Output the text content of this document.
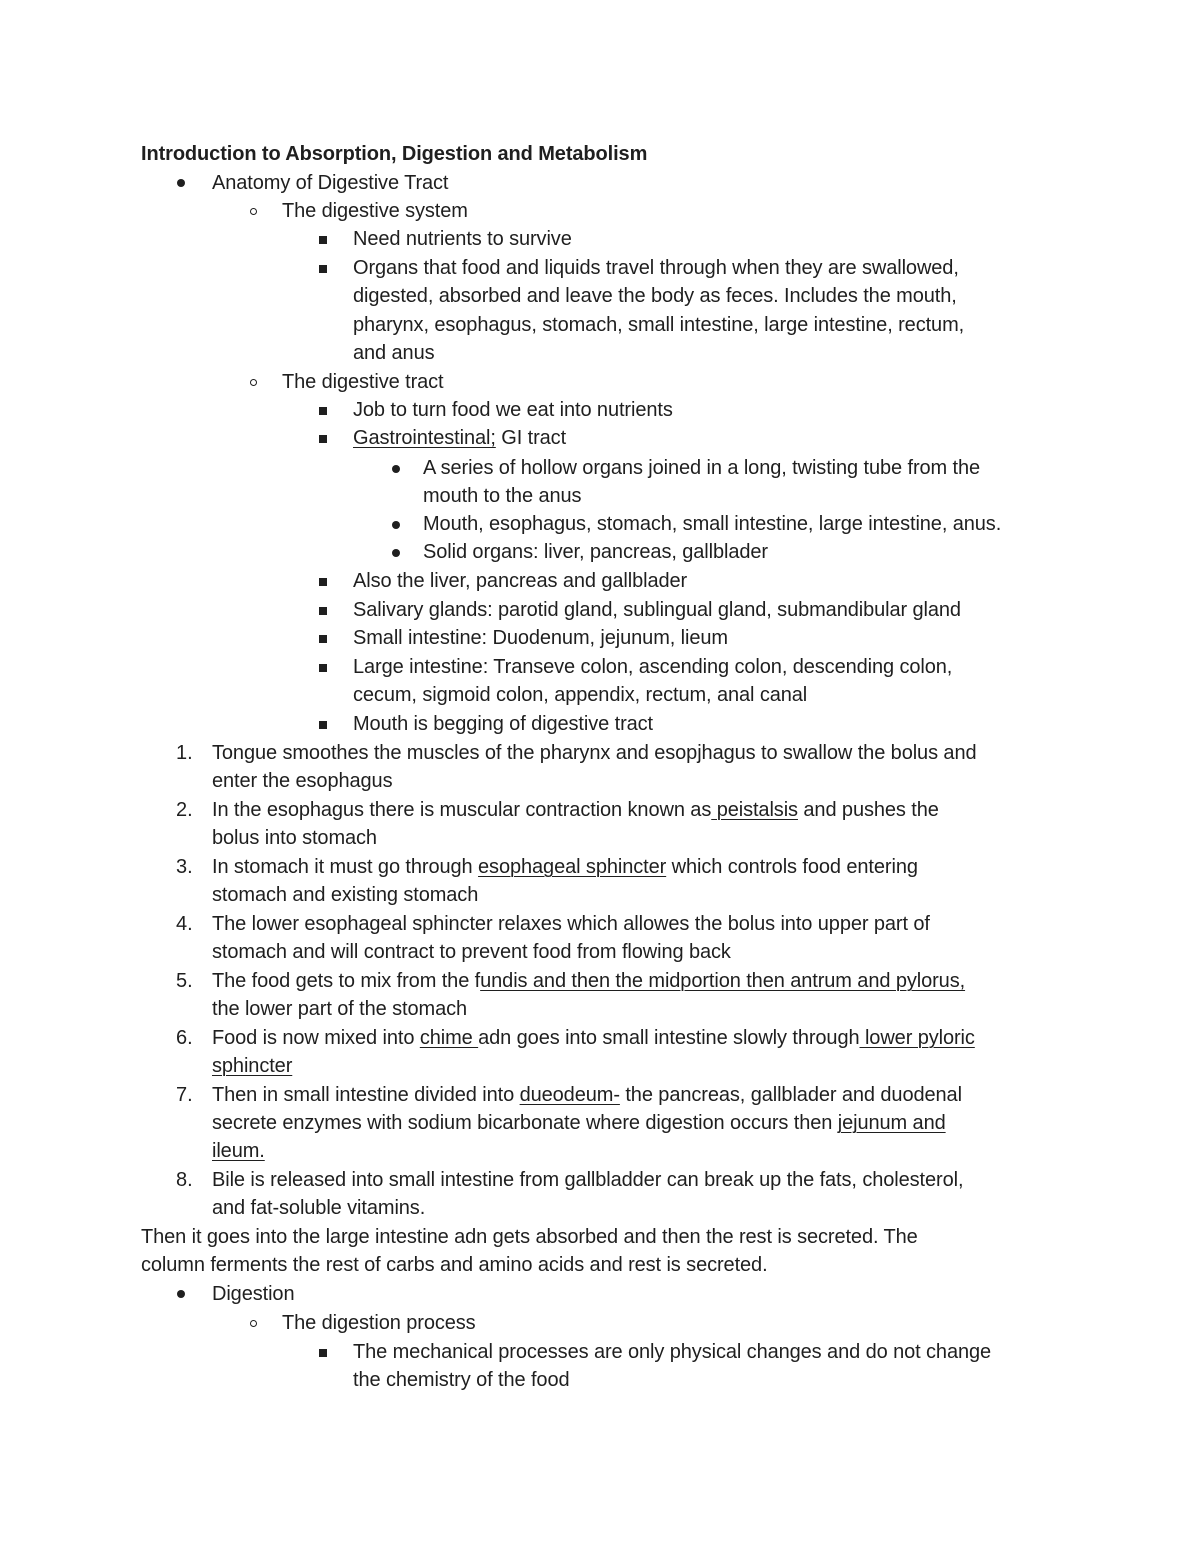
Introduction to Absorption, Digestion and Metabolism
Anatomy of Digestive Tract
The digestive system
Need nutrients to survive
Organs that food and liquids travel through when they are swallowed,
digested, absorbed and leave the body as feces. Includes the mouth,
pharynx, esophagus, stomach, small intestine, large intestine, rectum,
and anus
The digestive tract
Job to turn food we eat into nutrients
Gastrointestinal; GI tract
A series of hollow organs joined in a long, twisting tube from the
mouth to the anus
Mouth, esophagus, stomach, small intestine, large intestine, anus.
Solid organs: liver, pancreas, gallblader
Also the liver, pancreas and gallblader
Salivary glands: parotid gland, sublingual gland, submandibular gland
Small intestine: Duodenum, jejunum, lieum
Large intestine: Transeve colon, ascending colon, descending colon,
cecum, sigmoid colon, appendix, rectum, anal canal
Mouth is begging of digestive tract
1. Tongue smoothes the muscles of the pharynx and esopjhagus to swallow the bolus and
enter the esophagus
2. In the esophagus there is muscular contraction known as peistalsis and pushes the
bolus into stomach
3. In stomach it must go through esophageal sphincter which controls food entering
stomach and existing stomach
4. The lower esophageal sphincter relaxes which allowes the bolus into upper part of
stomach and will contract to prevent food from flowing back
5. The food gets to mix from the fundis and then the midportion then antrum and pylorus,
the lower part of the stomach
6. Food is now mixed into chime adn goes into small intestine slowly through lower pyloric
sphincter
7. Then in small intestine divided into dueodeum- the pancreas, gallblader and duodenal
secrete enzymes with sodium bicarbonate where digestion occurs then jejunum and
ileum.
8. Bile is released into small intestine from gallbladder can break up the fats, cholesterol,
and fat-soluble vitamins.
Then it goes into the large intestine adn gets absorbed and then the rest is secreted. The
column ferments the rest of carbs and amino acids and rest is secreted.
Digestion
The digestion process
The mechanical processes are only physical changes and do not change
the chemistry of the food
